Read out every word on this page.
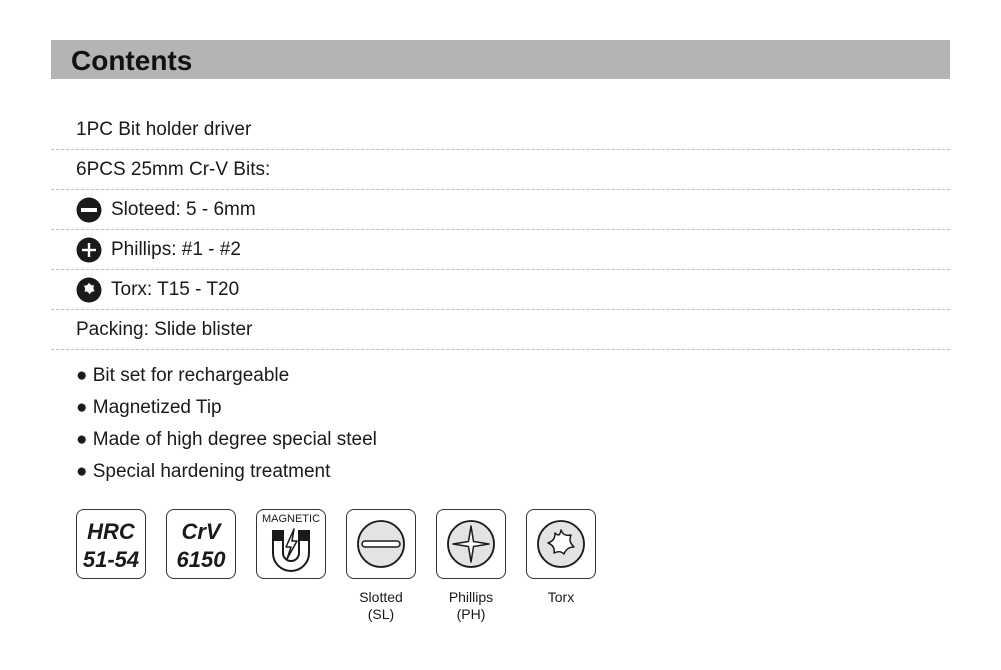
Contents
1PC Bit holder driver
6PCS 25mm Cr-V Bits:
Sloteed: 5 - 6mm
Phillips: #1 - #2
Torx: T15 - T20
Packing: Slide blister
● Bit set for rechargeable
● Magnetized Tip
● Made of high degree special steel
● Special hardening treatment
HRC
51-54
CrV
6150
MAGNETIC
Slotted
(SL)
Phillips
(PH)
Torx
